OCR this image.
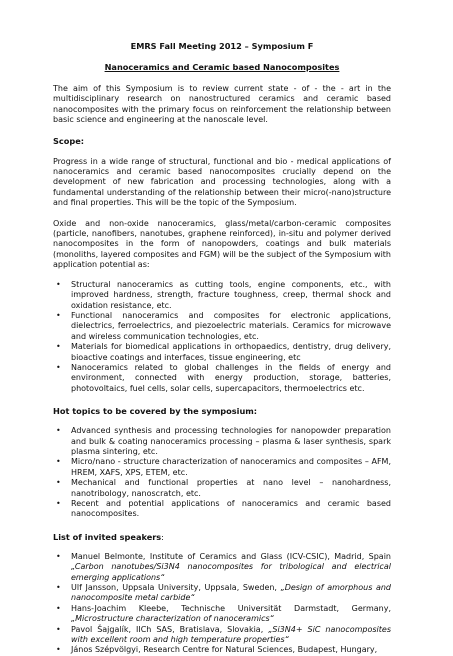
EMRS Fall Meeting 2012 – Symposium F
Nanoceramics and Ceramic based Nanocomposites

The aim of this Symposium is to review current state - of - the - art in the multidisciplinary research on nanostructured ceramics and ceramic based nanocomposites with the primary focus on reinforcement the relationship between basic science and engineering at the nanoscale level.

Scope:

Progress in a wide range of structural, functional and bio - medical applications of nanoceramics and ceramic based nanocomposites crucially depend on the development of new fabrication and processing technologies, along with a fundamental understanding of the relationship between their micro(-nano)structure and final properties. This will be the topic of the Symposium.

Oxide and non-oxide nanoceramics, glass/metal/carbon-ceramic composites (particle, nanofibers, nanotubes, graphene reinforced), in-situ and polymer derived nanocomposites in the form of nanopowders, coatings and bulk materials (monoliths, layered composites and FGM) will be the subject of the Symposium with application potential as:

• Structural nanoceramics as cutting tools, engine components, etc., with improved hardness, strength, fracture toughness, creep, thermal shock and oxidation resistance, etc.
• Functional nanoceramics and composites for electronic applications, dielectrics, ferroelectrics, and piezoelectric materials. Ceramics for microwave and wireless communication technologies, etc.
• Materials for biomedical applications in orthopaedics, dentistry, drug delivery, bioactive coatings and interfaces, tissue engineering, etc
• Nanoceramics related to global challenges in the fields of energy and environment, connected with energy production, storage, batteries, photovoltaics, fuel cells, solar cells, supercapacitors, thermoelectrics etc.
Hot topics to be covered by the symposium:
• Advanced synthesis and processing technologies for nanopowder preparation and bulk & coating nanoceramics processing – plasma & laser synthesis, spark plasma sintering, etc.
• Micro/nano - structure characterization of nanoceramics and composites – AFM, HREM, XAFS, XPS, ETEM, etc.
• Mechanical and functional properties at nano level – nanohardness, nanotribology, nanoscratch, etc.
• Recent and potential applications of nanoceramics and ceramic based nanocomposites.
List of invited speakers:
• Manuel Belmonte, Institute of Ceramics and Glass (ICV-CSIC), Madrid, Spain „Carbon nanotubes/Si3N4 nanocomposites for tribological and electrical emerging applications“
• Ulf Jansson, Uppsala University, Uppsala, Sweden, „Design of amorphous and nanocomposite metal carbide“
• Hans-Joachim Kleebe, Technische Universität Darmstadt, Germany, „Microstructure characterization of nanoceramics“
• Pavol Šajgalík, IICh SAS, Bratislava, Slovakia, „Si3N4+ SiC nanocomposites with excellent room and high temperature properties“
• János Szépvölgyi, Research Centre for Natural Sciences, Budapest, Hungary,
